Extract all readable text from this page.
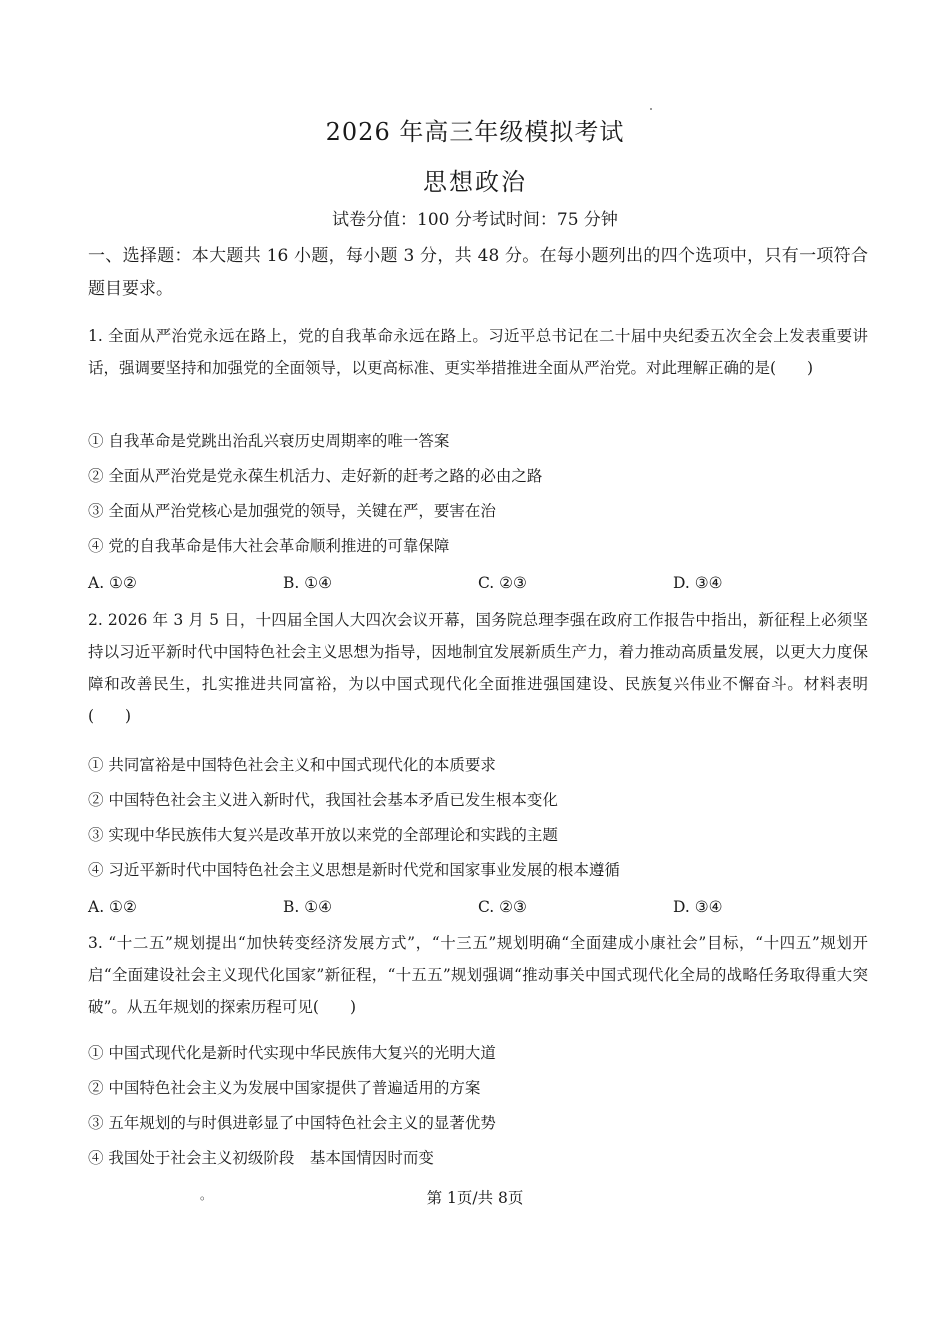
2026 年高三年级模拟考试
思想政治
试卷分值：100 分考试时间：75 分钟
一、选择题：本大题共 16 小题，每小题 3 分，共 48 分。在每小题列出的四个选项中，只有一项符合题目要求。
1. 全面从严治党永远在路上，党的自我革命永远在路上。习近平总书记在二十届中央纪委五次全会上发表重要讲话，强调要坚持和加强党的全面领导，以更高标准、更实举措推进全面从严治党。对此理解正确的是(　　)
① 自我革命是党跳出治乱兴衰历史周期率的唯一答案
② 全面从严治党是党永葆生机活力、走好新的赶考之路的必由之路
③ 全面从严治党核心是加强党的领导，关键在严，要害在治
④ 党的自我革命是伟大社会革命顺利推进的可靠保障
A. ①②	B. ①④	C. ②③	D. ③④
2. 2026 年 3 月 5 日，十四届全国人大四次会议开幕，国务院总理李强在政府工作报告中指出，新征程上必须坚持以习近平新时代中国特色社会主义思想为指导，因地制宜发展新质生产力，着力推动高质量发展，以更大力度保障和改善民生，扎实推进共同富裕，为以中国式现代化全面推进强国建设、民族复兴伟业不懈奋斗。材料表明(　　)
① 共同富裕是中国特色社会主义和中国式现代化的本质要求
② 中国特色社会主义进入新时代，我国社会基本矛盾已发生根本变化
③ 实现中华民族伟大复兴是改革开放以来党的全部理论和实践的主题
④ 习近平新时代中国特色社会主义思想是新时代党和国家事业发展的根本遵循
A. ①②	B. ①④	C. ②③	D. ③④
3. “十二五”规划提出“加快转变经济发展方式”，“十三五”规划明确“全面建成小康社会”目标，“十四五”规划开启“全面建设社会主义现代化国家”新征程，“十五五”规划强调“推动事关中国式现代化全局的战略任务取得重大突破”。从五年规划的探索历程可见(　　)
① 中国式现代化是新时代实现中华民族伟大复兴的光明大道
② 中国特色社会主义为发展中国家提供了普遍适用的方案
③ 五年规划的与时俱进彰显了中国特色社会主义的显著优势
④ 我国处于社会主义初级阶段　基本国情因时而变
。	第 1页/共 8页
